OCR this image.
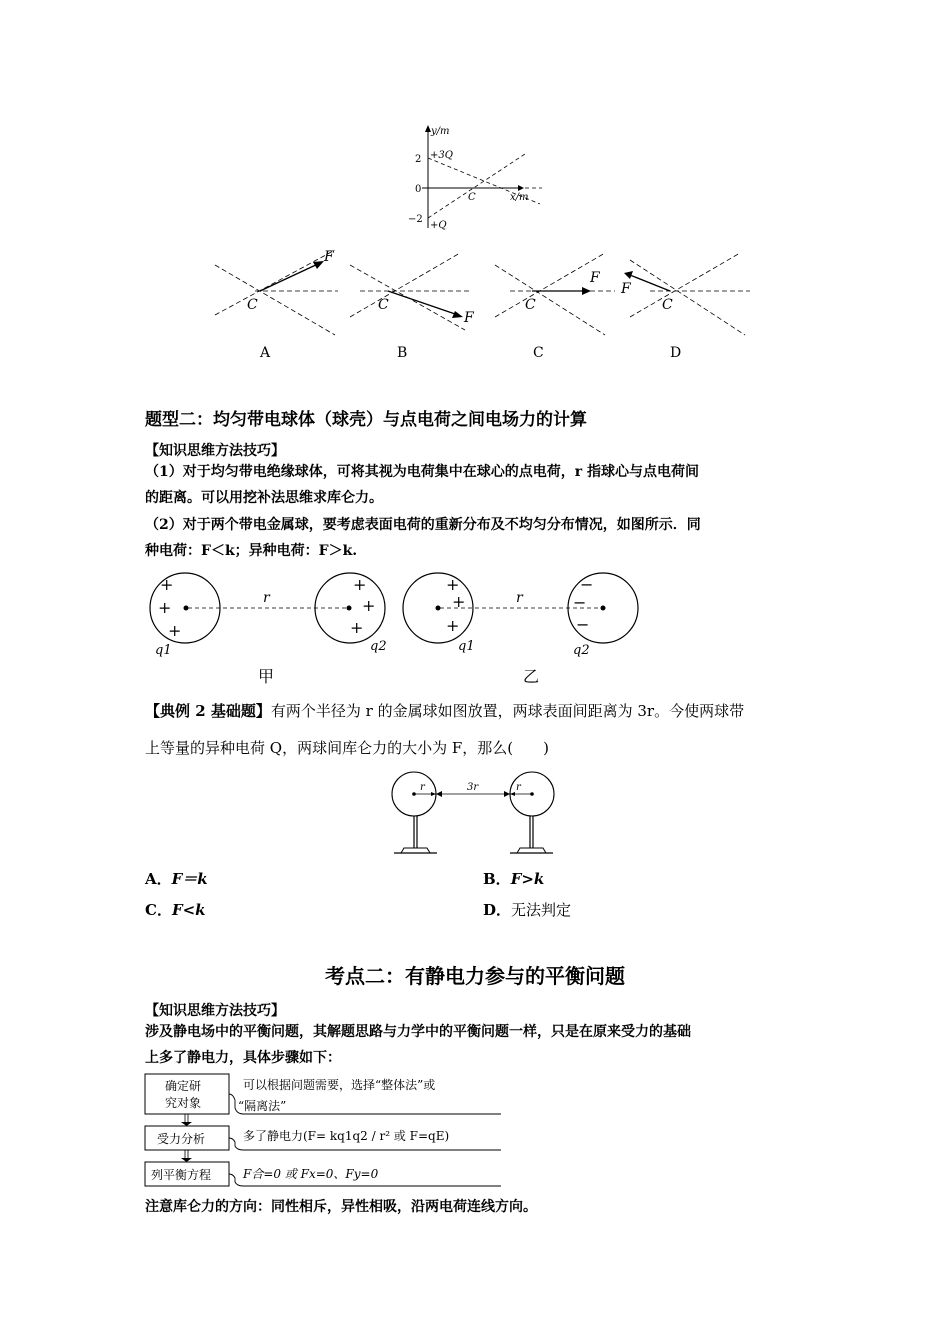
y/m
x/m
2
0
−2
+3Q
+Q
C
F
C
A
F
C
B
F
C
C
F
C
D
题型二：均匀带电球体（球壳）与点电荷之间电场力的计算
【知识思维方法技巧】
（1）对于均匀带电绝缘球体，可将其视为电荷集中在球心的点电荷，r 指球心与点电荷间
的距离。可以用挖补法思维求库仑力。
（2）对于两个带电金属球，要考虑表面电荷的重新分布及不均匀分布情况，如图所示．同
种电荷：F＜k；异种电荷：F＞k.
+
+
+
+
+
+
r
q1	q2
甲
+
+
+
−
−
−
r
q1	q2
乙
【典例 2 基础题】有两个半径为 r 的金属球如图放置，两球表面间距离为 3r。今使两球带
上等量的异种电荷 Q，两球间库仑力的大小为 F，那么(　　)
r	r
3r
A．F＝k	B．F>k
C．F<k	D．无法判定
考点二：有静电力参与的平衡问题
【知识思维方法技巧】
涉及静电场中的平衡问题，其解题思路与力学中的平衡问题一样，只是在原来受力的基础
上多了静电力，具体步骤如下：
确定研
究对象
可以根据问题需要，选择“整体法”或
“隔离法”
受力分析	多了静电力(F= kq1q2 / r² 或 F=qE)
列平衡方程	F合=0 或 Fx=0、Fy=0
注意库仑力的方向：同性相斥，异性相吸，沿两电荷连线方向。
